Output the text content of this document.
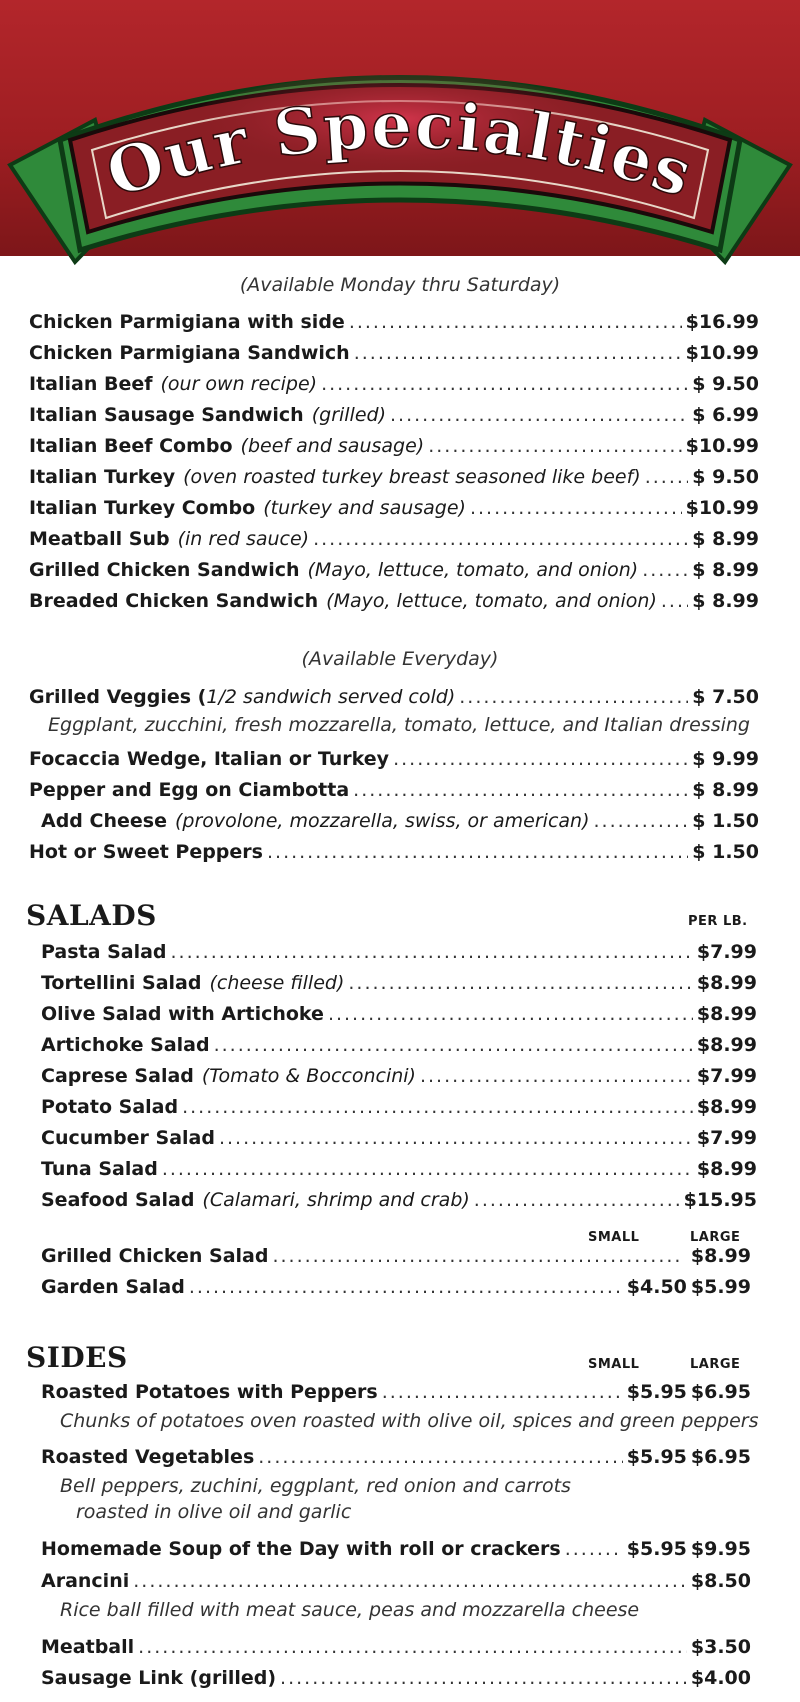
Our Specialties
(Available Monday thru Saturday)
Chicken Parmigiana with side .....	$16.99
Chicken Parmigiana Sandwich .....	$10.99
Italian Beef (our own recipe) .....	$ 9.50
Italian Sausage Sandwich (grilled) .....	$ 6.99
Italian Beef Combo (beef and sausage) .....	$10.99
Italian Turkey (oven roasted turkey breast seasoned like beef) .....	$ 9.50
Italian Turkey Combo (turkey and sausage) .....	$10.99
Meatball Sub (in red sauce) .....	$ 8.99
Grilled Chicken Sandwich (Mayo, lettuce, tomato, and onion) .....	$ 8.99
Breaded Chicken Sandwich (Mayo, lettuce, tomato, and onion) ..... $ 8.99
(Available Everyday)
Grilled Veggies ( 1/2 sandwich served cold) .....	$ 7.50
Eggplant, zucchini, fresh mozzarella, tomato, lettuce, and Italian dressing
Focaccia Wedge, Italian or Turkey .....	$ 9.99
Pepper and Egg on Ciambotta .....	$ 8.99
Add Cheese (provolone, mozzarella, swiss, or american) .....	$ 1.50
Hot or Sweet Peppers .....	$ 1.50
SALADS	PER LB.
Pasta Salad .....	$7.99
Tortellini Salad (cheese filled) .....	$8.99
Olive Salad with Artichoke .....	$8.99
Artichoke Salad .....	$8.99
Caprese Salad (Tomato & Bocconcini) .....	$7.99
Potato Salad .....	$8.99
Cucumber Salad .....	$7.99
Tuna Salad .....	$8.99
Seafood Salad (Calamari, shrimp and crab) .....	$15.95
SMALL	LARGE
Grilled Chicken Salad .....	$8.99
Garden Salad .....	$4.50 $5.99
SIDES	SMALL	LARGE
Roasted Potatoes with Peppers .....	$5.95 $6.95
Chunks of potatoes oven roasted with olive oil, spices and green peppers
Roasted Vegetables .....	$5.95 $6.95
Bell peppers, zuchini, eggplant, red onion and carrots
roasted in olive oil and garlic
Homemade Soup of the Day with roll or crackers .....	$5.95 $9.95
Arancini .....	$8.50
Rice ball filled with meat sauce, peas and mozzarella cheese
Meatball .....	$3.50
Sausage Link (grilled) .....	$4.00
